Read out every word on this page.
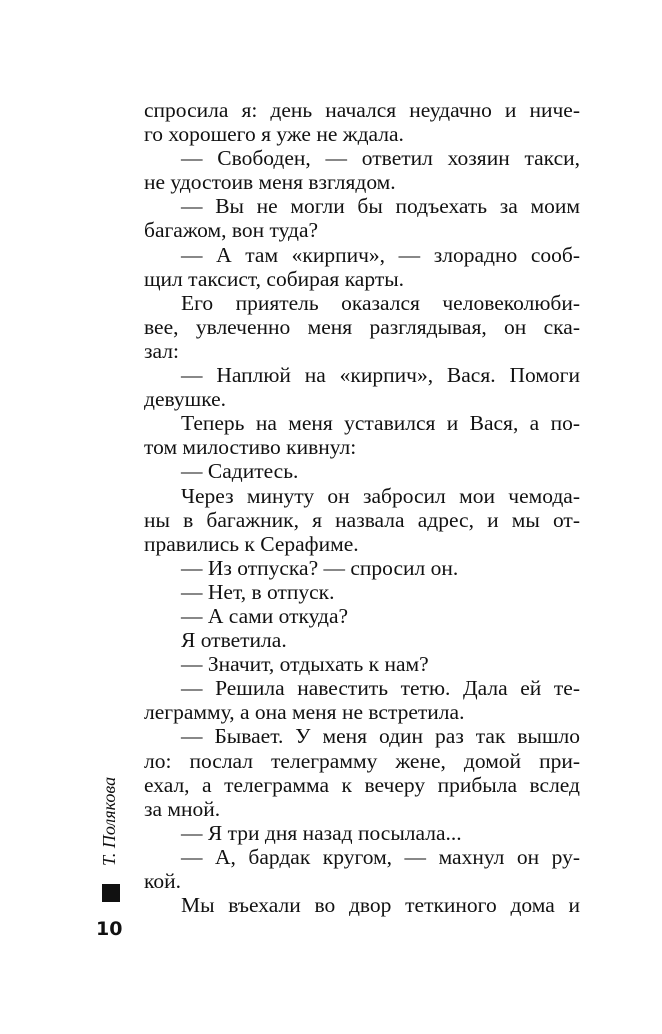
спросила я: день начался неудачно и ниче-
го хорошего я уже не ждала.
— Свободен, — ответил хозяин такси,
не удостоив меня взглядом.
— Вы не могли бы подъехать за моим
багажом, вон туда?
— А там «кирпич», — злорадно сооб-
щил таксист, собирая карты.
Его приятель оказался человеколюби-
вее, увлеченно меня разглядывая, он ска-
зал:
— Наплюй на «кирпич», Вася. Помоги
девушке.
Теперь на меня уставился и Вася, а по-
том милостиво кивнул:
— Садитесь.
Через минуту он забросил мои чемода-
ны в багажник, я назвала адрес, и мы от-
правились к Серафиме.
— Из отпуска? — спросил он.
— Нет, в отпуск.
— А сами откуда?
Я ответила.
— Значит, отдыхать к нам?
— Решила навестить тетю. Дала ей те-
леграмму, а она меня не встретила.
— Бывает. У меня один раз так вышло
ло: послал телеграмму жене, домой при-
ехал, а телеграмма к вечеру прибыла вслед
за мной.
— Я три дня назад посылала...
— А, бардак кругом, — махнул он ру-
кой.
Мы въехали во двор теткиного дома и
Т. Полякова
10
